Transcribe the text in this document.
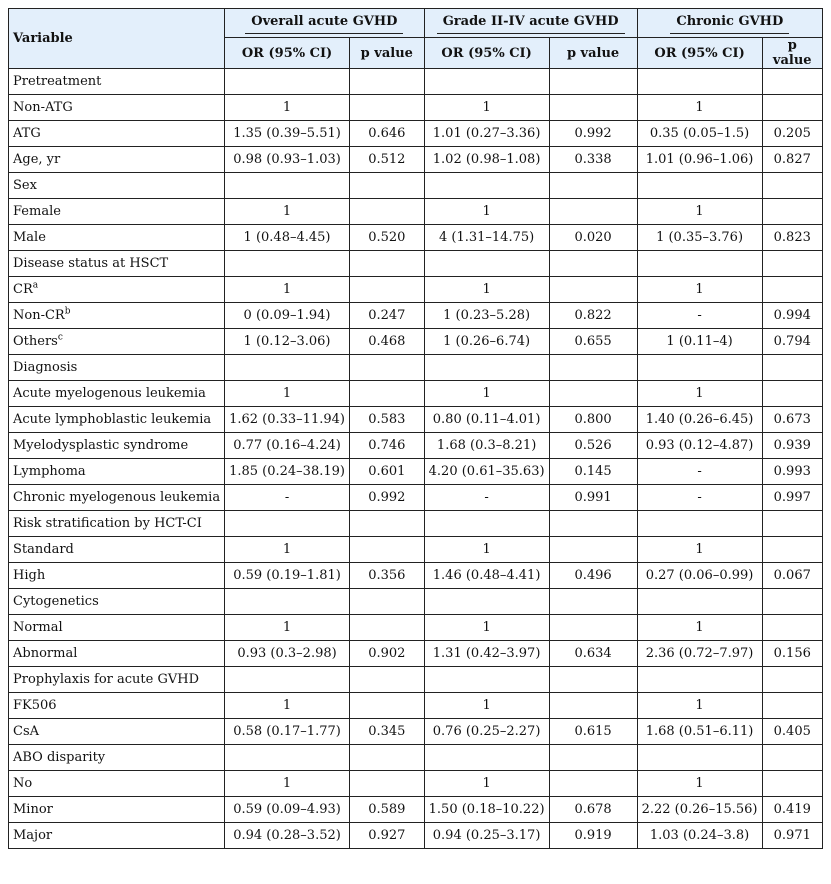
Variable	Overall acute GVHD		Grade II-IV acute GVHD		Chronic GVHD	
	OR (95% CI)	p value	OR (95% CI)	p value	OR (95% CI)	p value
Pretreatment						
Non-ATG	1		1		1	
ATG	1.35 (0.39–5.51)	0.646	1.01 (0.27–3.36)	0.992	0.35 (0.05–1.5)	0.205
Age, yr	0.98 (0.93–1.03)	0.512	1.02 (0.98–1.08)	0.338	1.01 (0.96–1.06)	0.827
Sex						
Female	1		1		1	
Male	1 (0.48–4.45)	0.520	4 (1.31–14.75)	0.020	1 (0.35–3.76)	0.823
Disease status at HSCT						
$CR^a$	1		1		1	
Non-$CR^b$	0 (0.09–1.94)	0.247	1 (0.23–5.28)	0.822	-	0.994
Others$^c$	1 (0.12–3.06)	0.468	1 (0.26–6.74)	0.655	1 (0.11–4)	0.794
Diagnosis						
Acute myelogenous leukemia	1		1		1	
Acute lymphoblastic leukemia	1.62 (0.33–11.94)	0.583	0.80 (0.11–4.01)	0.800	1.40 (0.26–6.45)	0.673
Myelodysplastic syndrome	0.77 (0.16–4.24)	0.746	1.68 (0.3–8.21)	0.526	0.93 (0.12–4.87)	0.939
Lymphoma	1.85 (0.24–38.19)	0.601	4.20 (0.61–35.63)	0.145	-	0.993
Chronic myelogenous leukemia	-	0.992	-	0.991	-	0.997
Risk stratification by HCT-CI						
Standard	1		1		1	
High	0.59 (0.19–1.81)	0.356	1.46 (0.48–4.41)	0.496	0.27 (0.06–0.99)	0.067
Cytogenetics						
Normal	1		1		1	
Abnormal	0.93 (0.3–2.98)	0.902	1.31 (0.42–3.97)	0.634	2.36 (0.72–7.97)	0.156
Prophylaxis for acute GVHD						
FK506	1		1		1	
CsA	0.58 (0.17–1.77)	0.345	0.76 (0.25–2.27)	0.615	1.68 (0.51–6.11)	0.405
ABO disparity						
No	1		1		1	
Minor	0.59 (0.09–4.93)	0.589	1.50 (0.18–10.22)	0.678	2.22 (0.26–15.56)	0.419
Major	0.94 (0.28–3.52)	0.927	0.94 (0.25–3.17)	0.919	1.03 (0.24–3.8)	0.971
